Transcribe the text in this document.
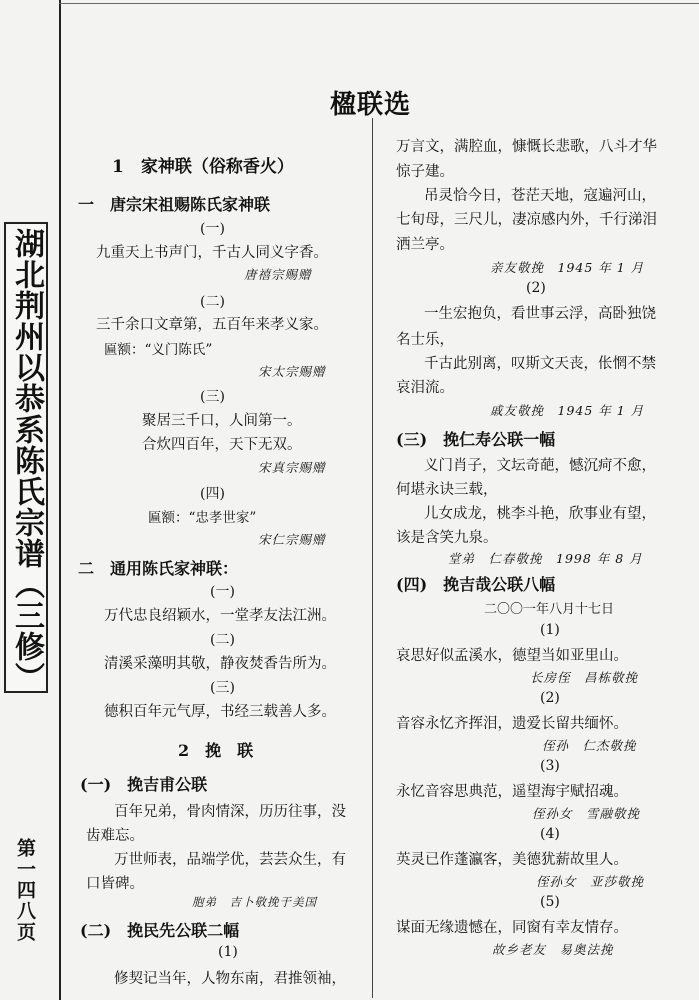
湖北荆州以恭系陈氏宗谱（三修）
第一四八页
楹联选
1　家神联（俗称香火）
一　唐宗宋祖赐陈氏家神联
(一)
九重天上书声门，千古人同义字香。
唐禧宗赐赠
(二)
三千余口文章第，五百年来孝义家。
匾额：“义门陈氏”
宋太宗赐赠
(三)
聚居三千口，人间第一。
合炊四百年，天下无双。
宋真宗赐赠
(四)
匾额：“忠孝世家”
宋仁宗赐赠
二　通用陈氏家神联：
(一)
万代忠良绍颖水，一堂孝友法江洲。
(二)
清溪采藻明其敬，静夜焚香告所为。
(三)
德积百年元气厚，书经三载善人多。
2　挽　联
(一)　挽吉甫公联
百年兄弟，骨肉情深，历历往事，没
齿难忘。
万世师表，品端学优，芸芸众生，有
口皆碑。
胞弟　吉卜敬挽于美国
(二)　挽民先公联二幅
(1)
修契记当年，人物东南，君推领袖，
万言文，满腔血，慷慨长悲歌，八斗才华
惊子建。
吊灵恰今日，苍茫天地，寇遍河山，
七旬母，三尺儿，凄凉感内外，千行涕泪
洒兰亭。
亲友敬挽　1945 年 1 月
(2)
一生宏抱负，看世事云浮，高卧独饶
名士乐，
千古此别离，叹斯文天丧，伥惘不禁
哀泪流。
戚友敬挽　1945 年 1 月
(三)　挽仁寿公联一幅
义门肖子，文坛奇葩，憾沉疴不愈，
何堪永诀三载，
儿女成龙，桃李斗艳，欣事业有望，
该是含笑九泉。
堂弟　仁春敬挽　1998 年 8 月
(四)　挽吉哉公联八幅
二〇〇一年八月十七日
(1)
哀思好似孟溪水，德望当如亚里山。
长房侄　昌栋敬挽
(2)
音容永忆齐挥泪，遗爱长留共缅怀。
侄孙　仁杰敬挽
(3)
永忆音容思典范，遥望海宇赋招魂。
侄孙女　雪融敬挽
(4)
英灵已作蓬瀛客，美德犹薪故里人。
侄孙女　亚莎敬挽
(5)
谋面无缘遗憾在，同窗有幸友情存。
故乡老友　易奥法挽
